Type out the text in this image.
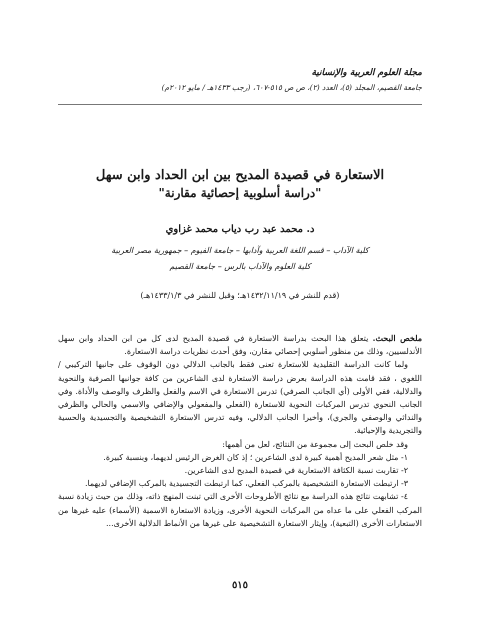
مجلة العلوم العربية والإنسانية
جامعة القصيم، المجلد (٥)، العدد (٢)، ص ص ٥١٥-٦٠٧، (رجب ١٤٣٣هـ / مايو ٢٠١٢م)
الاستعارة في قصيدة المديح بين ابن الحداد وابن سهل
"دراسة أسلوبية إحصائية مقارنة"
د. محمد عبد رب دياب محمد غزاوي
كلية الآداب – قسم اللغة العربية وآدابها – جامعة الفيوم – جمهورية مصر العربية
كلية العلوم والآداب بالرس – جامعة القصيم
(قدم للنشر في ١٤٣٢/١١/١٩هـ؛ وقبل للنشر في ١٤٣٣/١/٣هـ)

ملخص البحث. يتعلق هذا البحث بدراسة الاستعارة في قصيدة المديح لدى كل من ابن الحداد وابن سهل الأندلسيين، وذلك من منظور أسلوبي إحصائي مقارن، وفق أحدث نظريات دراسة الاستعارة.

ولما كانت الدراسة التقليدية للاستعارة تعنى فقط بالجانب الدلالي دون الوقوف على جانبها التركيبي / اللغوي ، فقد قامت هذه الدراسة بعرض دراسة الاستعارة لدى الشاعرين من كافة جوانبها الصرفية والنحوية والدلالية، ففي الأولى (أي الجانب الصرفي) تدرس الاستعارة في الاسم والفعل والظرف والوصف والأداة. وفي الجانب النحوي تدرس المركبات النحوية للاستعارة (الفعلي والمفعولي والإضافي والاسمي والحالي والظرفي والنداثي والوصفي والجري)، وأخيرا الجانب الدلالي، وفيه تدرس الاستعارة التشخيصية والتجسيدية والحسية والتجريدية والإحيائية.

وقد خلص البحث إلى مجموعة من النتائج، لعل من أهمها:

١- مثل شعر المديح أهمية كبيرة لدى الشاعرين ؛ إذ كان الغرض الرئيس لديهما، وبنسبة كبيرة.

٢- تقاربت نسبة الكثافة الاستعارية في قصيدة المديح لدى الشاعرين.

٣- ارتبطت الاستعارة التشخيصية بالمركب الفعلي، كما ارتبطت التجسيدية بالمركب الإضافي لديهما.

٤- تشابهت نتائج هذه الدراسة مع نتائج الأطروحات الأخرى التي تبنت المنهج ذاته، وذلك من حيث زيادة نسبة المركب الفعلي على ما عداه من المركبات النحوية الأخرى، وزيادة الاستعارة الاسمية (الأسماء) عليه غيرها من الاستعارات الأخرى (التبعية)، وإيثار الاستعارة التشخيصية على غيرها من الأنماط الدلالية الأخرى...

٥١٥
